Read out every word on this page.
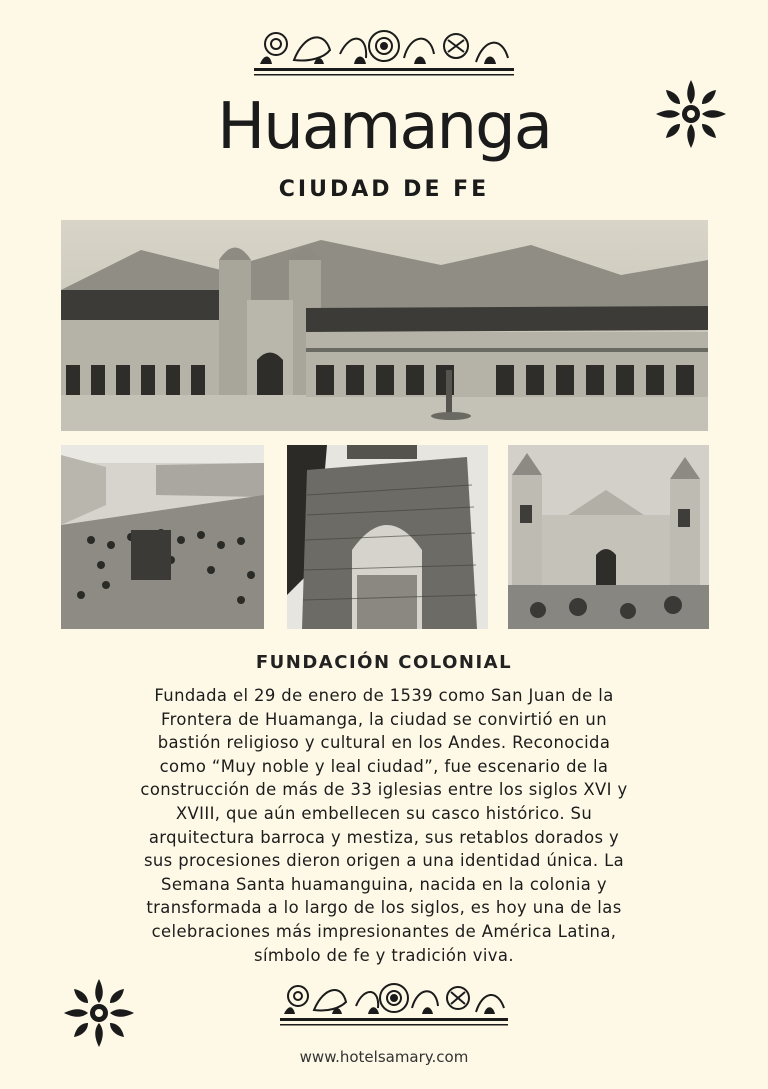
Huamanga
CIUDAD DE FE
FUNDACIÓN COLONIAL
Fundada el 29 de enero de 1539 como San Juan de la
Frontera de Huamanga, la ciudad se convirtió en un
bastión religioso y cultural en los Andes. Reconocida
como “Muy noble y leal ciudad”, fue escenario de la
construcción de más de 33 iglesias entre los siglos XVI y
XVIII, que aún embellecen su casco histórico. Su
arquitectura barroca y mestiza, sus retablos dorados y
sus procesiones dieron origen a una identidad única. La
Semana Santa huamanguina, nacida en la colonia y
transformada a lo largo de los siglos, es hoy una de las
celebraciones más impresionantes de América Latina,
símbolo de fe y tradición viva.
www.hotelsamary.com
